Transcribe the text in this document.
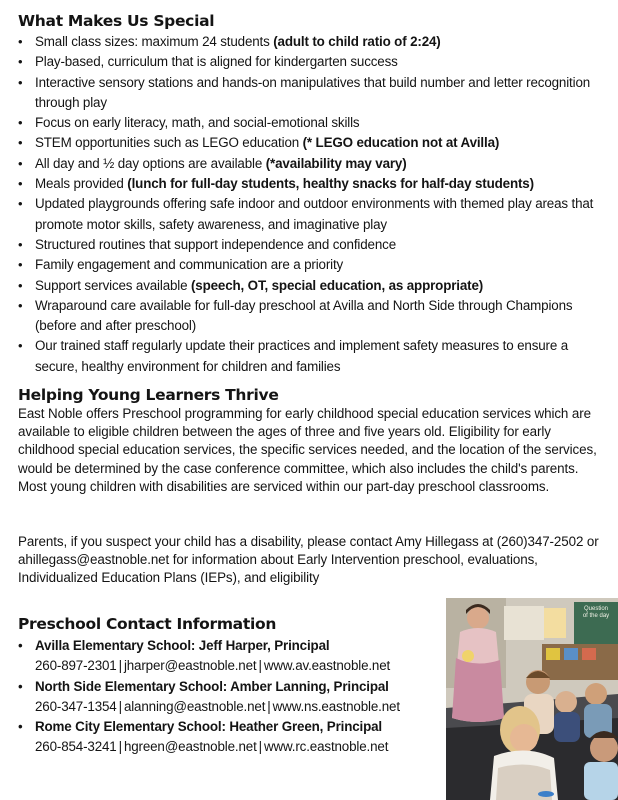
What Makes Us Special
• Small class sizes: maximum 24 students (adult to child ratio of 2:24)
• Play-based, curriculum that is aligned for kindergarten success
• Interactive sensory stations and hands-on manipulatives that build number and letter recognition through play
• Focus on early literacy, math, and social-emotional skills
• STEM opportunities such as LEGO education (* LEGO education not at Avilla)
• All day and ½ day options are available (*availability may vary)
• Meals provided (lunch for full-day students, healthy snacks for half-day students)
• Updated playgrounds offering safe indoor and outdoor environments with themed play areas that promote motor skills, safety awareness, and imaginative play
• Structured routines that support independence and confidence
• Family engagement and communication are a priority
• Support services available (speech, OT, special education, as appropriate)
• Wraparound care available for full-day preschool at Avilla and North Side through Champions (before and after preschool)
• Our trained staff regularly update their practices and implement safety measures to ensure a secure, healthy environment for children and families
Helping Young Learners Thrive

East Noble offers Preschool programming for early childhood special education services which are available to eligible children between the ages of three and five years old. Eligibility for early childhood special education services, the specific services needed, and the location of the services, would be determined by the case conference committee, which also includes the child's parents. Most young children with disabilities are serviced within our part-day preschool classrooms.

Parents, if you suspect your child has a disability, please contact Amy Hillegass at (260)347-2502 or ahillegass@eastnoble.net for information about Early Intervention preschool, evaluations, Individualized Education Plans (IEPs), and eligibility

Preschool Contact Information
• Avilla Elementary School: Jeff Harper, Principal
260-897-2301 | jharper@eastnoble.net | www.av.eastnoble.net
• North Side Elementary School: Amber Lanning, Principal
260-347-1354 | alanning@eastnoble.net | www.ns.eastnoble.net
• Rome City Elementary School: Heather Green, Principal
260-854-3241 | hgreen@eastnoble.net | www.rc.eastnoble.net
Question
of the day
